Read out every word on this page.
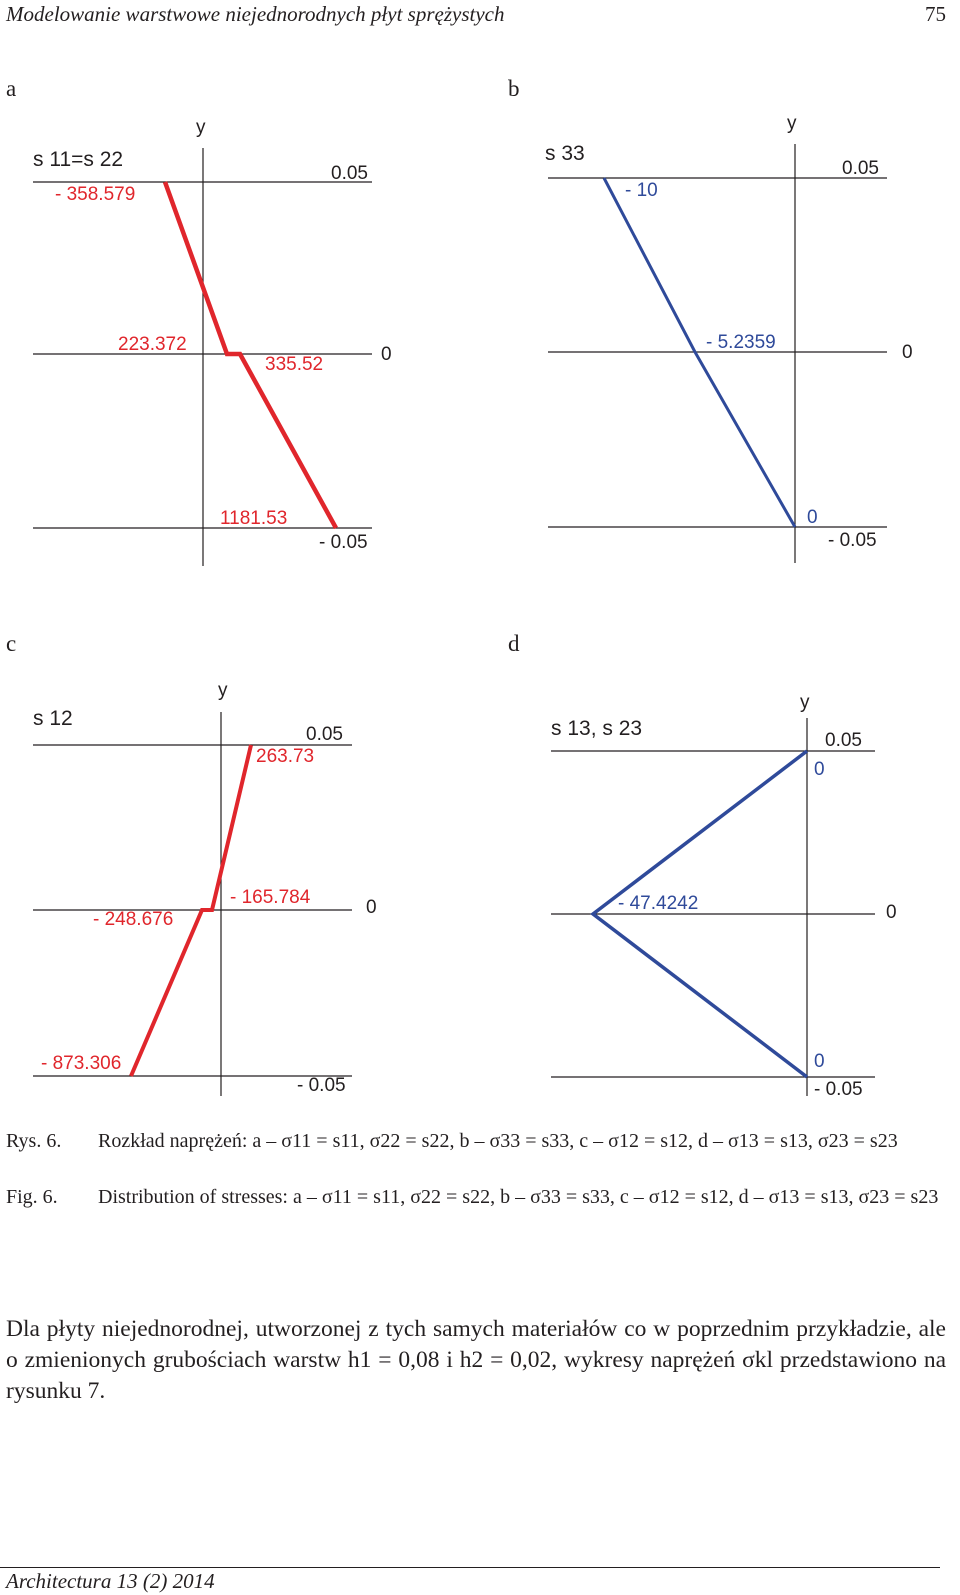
Modelowanie warstwowe niejednorodnych płyt sprężystych	75
a	b
c	d
y
s 11=s 22
0.05
- 358.579
223.372
335.52	0
1181.53
- 0.05
y
s 33
0.05
- 10
- 5.2359	0
0
- 0.05
y
s 12
0.05
263.73
- 248.676
- 165.784	0
- 873.306
- 0.05
y
s 13, s 23
0.05
0
- 47.4242	0
0
- 0.05
Rys. 6. Rozkład naprężeń: a – σ11 = s11, σ22 = s22, b – σ33 = s33, c – σ12 = s12, d – σ13 = s13, σ23 = s23
Fig. 6. Distribution of stresses: a – σ11 = s11, σ22 = s22, b – σ33 = s33, c – σ12 = s12, d – σ13 = s13, σ23 = s23
Dla płyty niejednorodnej, utworzonej z tych samych materiałów co w poprzednim przykładzie, ale o zmienionych grubościach warstw h1 = 0,08 i h2 = 0,02, wykresy naprężeń σkl przedstawiono na rysunku 7.
Architectura 13 (2) 2014
